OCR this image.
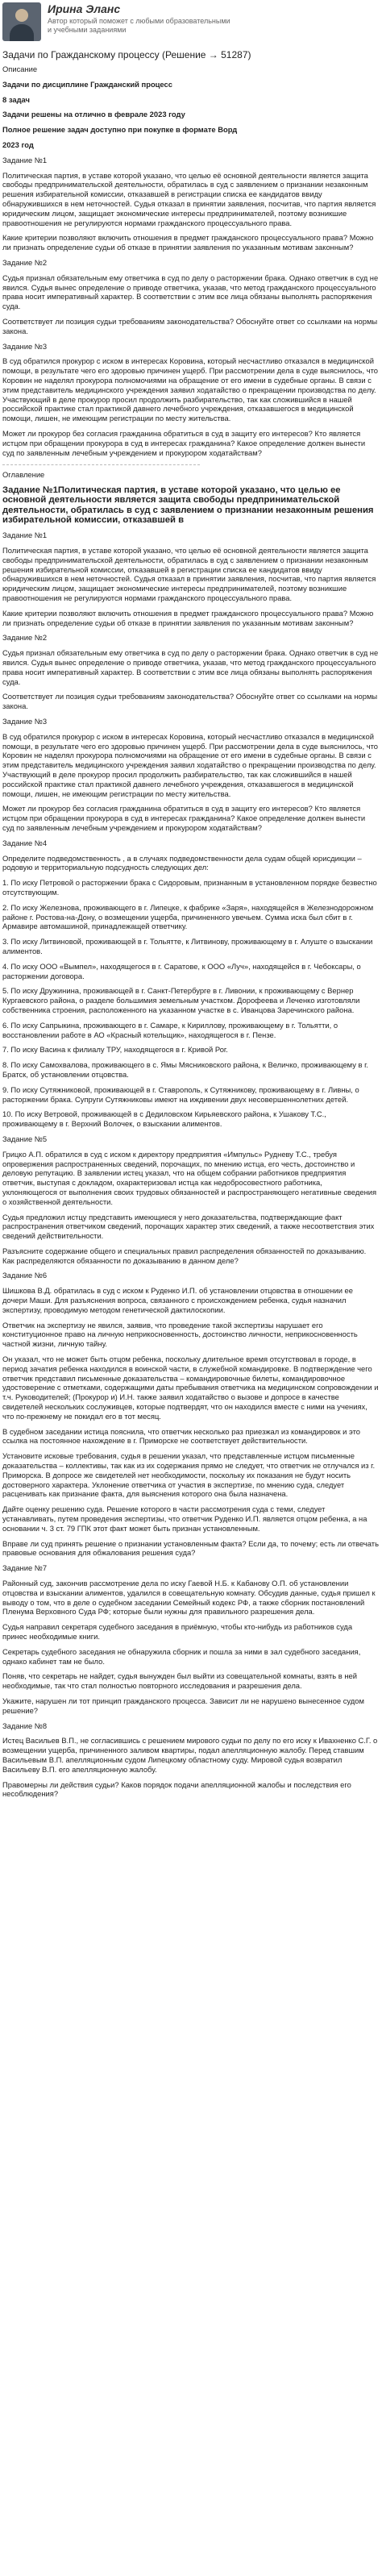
Ирина Эланс
Автор который поможет с любыми образовательными и учебными заданиями
Задачи по Гражданскому процессу (Решение → 51287)

Описание

Задачи по дисциплине Гражданский процесс

8 задач

Задачи решены на отлично в феврале 2023 году

Полное решение задач доступно при покупке в формате Ворд

2023 год

Задание №1

Политическая партия, в уставе которой указано, что целью её основной деятельности является защита свободы предпринимательской деятельности, обратилась в суд с заявлением о признании незаконным решения избирательной комиссии, отказавшей в регистрации списка ее кандидатов ввиду обнаружившихся в нем неточностей. Судья отказал в принятии заявления, посчитав, что партия является юридическим лицом, защищает экономические интересы предпринимателей, поэтому возникшие правоотношения не регулируются нормами гражданского процессуального права.

Какие критерии позволяют включить отношения в предмет гражданского процессуального права? Можно ли признать определение судьи об отказе в принятии заявления по указанным мотивам законным?

Задание №2

Судья признал обязательным ему ответчика в суд по делу о расторжении брака. Однако ответчик в суд не явился. Судья вынес определение о приводе ответчика, указав, что метод гражданского процессуального права носит императивный характер. В соответствии с этим все лица обязаны выполнять распоряжения суда.

Соответствует ли позиция судьи требованиям законодательства? Обоснуйте ответ со ссылками на нормы закона.

Задание №3

В суд обратился прокурор с иском в интересах Коровина, который несчастливо отказался в медицинской помощи, в результате чего его здоровью причинен ущерб. При рассмотрении дела в суде выяснилось, что Коровин не наделял прокурора полномочиями на обращение от его имени в судебные органы. В связи с этим представитель медицинского учреждения заявил ходатайство о прекращении производства по делу. Участвующий в деле прокурор просил продолжить разбирательство, так как сложившийся в нашей российской практике стал практикой давнего лечебного учреждения, отказавшегося в медицинской помощи, лишен, не имеющим регистрации по месту жительства.

Может ли прокурор без согласия гражданина обратиться в суд в защиту его интересов? Кто является истцом при обращении прокурора в суд в интересах гражданина? Какое определение должен вынести суд по заявленным лечебным учреждением и прокурором ходатайствам?

Оглавление

Задание №1Политическая партия, в уставе которой указано, что целью ее основной деятельности является защита свободы предпринимательской деятельности, обратилась в суд с заявлением о признании незаконным решения избирательной комиссии, отказавшей в

Задание №1

Политическая партия, в уставе которой указано, что целью её основной деятельности является защита свободы предпринимательской деятельности, обратилась в суд с заявлением о признании незаконным решения избирательной комиссии, отказавшей в регистрации списка ее кандидатов ввиду обнаружившихся в нем неточностей. Судья отказал в принятии заявления, посчитав, что партия является юридическим лицом, защищает экономические интересы предпринимателей, поэтому возникшие правоотношения не регулируются нормами гражданского процессуального права.

Какие критерии позволяют включить отношения в предмет гражданского процессуального права? Можно ли признать определение судьи об отказе в принятии заявления по указанным мотивам законным?

Задание №2

Судья признал обязательным ему ответчика в суд по делу о расторжении брака. Однако ответчик в суд не явился. Судья вынес определение о приводе ответчика, указав, что метод гражданского процессуального права носит императивный характер. В соответствии с этим все лица обязаны выполнять распоряжения суда.

Соответствует ли позиция судьи требованиям законодательства? Обоснуйте ответ со ссылками на нормы закона.

Задание №3

В суд обратился прокурор с иском в интересах Коровина, который несчастливо отказался в медицинской помощи, в результате чего его здоровью причинен ущерб. При рассмотрении дела в суде выяснилось, что Коровин не наделял прокурора полномочиями на обращение от его имени в судебные органы. В связи с этим представитель медицинского учреждения заявил ходатайство о прекращении производства по делу. Участвующий в деле прокурор просил продолжить разбирательство, так как сложившийся в нашей российской практике стал практикой давнего лечебного учреждения, отказавшегося в медицинской помощи, лишен, не имеющим регистрации по месту жительства.

Может ли прокурор без согласия гражданина обратиться в суд в защиту его интересов? Кто является истцом при обращении прокурора в суд в интересах гражданина? Какое определение должен вынести суд по заявленным лечебным учреждением и прокурором ходатайствам?

Задание №4

Определите подведомственность , а в случаях подведомственности дела судам общей юрисдикции – родовую и территориальную подсудность следующих дел:

1. По иску Петровой о расторжении брака с Сидоровым, признанным в установленном порядке безвестно отсутствующим.

2. По иску Железнова, проживающего в г. Липецке, к фабрике «Заря», находящейся в Железнодорожном районе г. Ростова-на-Дону, о возмещении ущерба, причиненного увечьем. Сумма иска был сбит в г. Армавире автомашиной, принадлежащей ответчику.

3. По иску Литвиновой, проживающей в г. Тольятте, к Литвинову, проживающему в г. Алуште о взыскании алиментов.

4. По иску ООО «Вымпел», находящегося в г. Саратове, к ООО «Луч», находящейся в г. Чебоксары, о расторжении договора.

5. По иску Дружинина, проживающей в г. Санкт-Петербурге в г. Ливонии, к проживающему с Вернер Кургаевского района, о разделе большимия земельным участком. Дорофеева и Леченко изготовляли собственника строения, расположенного на указанном участке в с. Иванцова Заречинского района.

6. По иску Сапрыкина, проживающего в г. Самаре, к Кириллову, проживающему в г. Тольятти, о восстановлении работе в АО «Красный котельщик», находящегося в г. Пензе.

7. По иску Васина к филиалу ТРУ, находящегося в г. Кривой Рог.

8. По иску Самохвалова, проживающего в с. Ямы Мясниковского района, к Величко, проживающему в г. Братск, об установлении отцовства.

9. По иску Сутяжниковой, проживающей в г. Ставрополь, к Сутяжникову, проживающему в г. Ливны, о расторжении брака. Супруги Сутяжниковы имеют на иждивении двух несовершеннолетних детей.

10. По иску Ветровой, проживающей в с Дедиловском Кирьяевского района, к Ушакову Т.С., проживающему в г. Верхний Волочек, о взыскании алиментов.

Задание №5

Грицко А.П. обратился в суд с иском к директору предприятия «Импульс» Рудневу Т.С., требуя опровержения распространенных сведений, порочащих, по мнению истца, его честь, достоинство и деловую репутацию. В заявлении истец указал, что на общем собрании работников предприятия ответчик, выступая с докладом, охарактеризовал истца как недобросовестного работника, уклоняющегося от выполнения своих трудовых обязанностей и распространяющего негативные сведения о хозяйственной деятельности.

Судья предложил истцу представить имеющиеся у него доказательства, подтверждающие факт распространения ответчиком сведений, порочащих характер этих сведений, а также несоответствия этих сведений действительности.

Разъясните содержание общего и специальных правил распределения обязанностей по доказыванию. Как распределяются обязанности по доказыванию в данном деле?

Задание №6

Шишкова В.Д. обратилась в суд с иском к Руденко И.П. об установлении отцовства в отношении ее дочери Маши. Для разъяснения вопроса, связанного с происхождением ребенка, судья назначил экспертизу, проводимую методом генетической дактилоскопии.

Ответчик на экспертизу не явился, заявив, что проведение такой экспертизы нарушает его конституционное право на личную неприкосновенность, достоинство личности, неприкосновенность частной жизни, личную тайну.

Он указал, что не может быть отцом ребенка, поскольку длительное время отсутствовал в городе, в период зачатия ребенка находился в воинской части, в служебной командировке. В подтверждение чего ответчик представил письменные доказательства – командировочные билеты, командировочное удостоверение с отметками, содержащими даты пребывания ответчика на медицинском сопровождении и т.ч. Руководителей; (Прокурор и) И.Н. также заявил ходатайство о вызове и допросе в качестве свидетелей нескольких сослуживцев, которые подтвердят, что он находился вместе с ними на учениях, что по-прежнему не покидал его в тот месяц.

В судебном заседании истица пояснила, что ответчик несколько раз приезжал из командировок и это ссылка на постоянное нахождение в г. Приморске не соответствует действительности.

Установите исковые требования, судья в решении указал, что представленные истцом письменные доказательства – коллективы, так как из их содержания прямо не следует, что ответчик не отлучался из г. Приморска. В допросе же свидетелей нет необходимости, поскольку их показания не будут носить достоверного характера. Уклонение ответчика от участия в экспертизе, по мнению суда, следует расценивать как признание факта, для выяснения которого она была назначена.

Дайте оценку решению суда. Решение которого в части рассмотрения суда с теми, следует устанавливать, путем проведения экспертизы, что ответчик Руденко И.П. является отцом ребенка, а на основании ч. 3 ст. 79 ГПК этот факт может быть признан установленным.

Вправе ли суд принять решение о признании установленным факта? Если да, то почему; есть ли отвечать правовые основания для обжалования решения суда?

Задание №7

Районный суд, закончив рассмотрение дела по иску Гаевой Н.Б. к Кабанову О.П. об установлении отцовства и взыскании алиментов, удалился в совещательную комнату. Обсудив данные, судья пришел к выводу о том, что в деле о судебном заседании Семейный кодекс РФ, а также сборник постановлений Пленума Верховного Суда РФ; которые были нужны для правильного разрешения дела.

Судья направил секретаря судебного заседания в приёмную, чтобы кто-нибудь из работников суда принес необходимые книги.

Секретарь судебного заседания не обнаружила сборник и пошла за ними в зал судебного заседания, однако кабинет там не было.

Поняв, что секретарь не найдет, судья вынужден был выйти из совещательной комнаты, взять в ней необходимые, так что стал полностью повторного исследования и разрешения дела.

Укажите, нарушен ли тот принцип гражданского процесса. Зависит ли не нарушено вынесенное судом решение?

Задание №8

Истец Васильев В.П., не согласившись с решением мирового судьи по делу по его иску к Ивахненко С.Г. о возмещении ущерба, причиненного заливом квартиры, подал апелляционную жалобу. Перед ставшим Васильевым В.П. апелляционным судом Липецкому областному суду. Мировой судья возвратил Васильеву В.П. его апелляционную жалобу.

Правомерны ли действия судьи? Каков порядок подачи апелляционной жалобы и последствия его несоблюдения?
